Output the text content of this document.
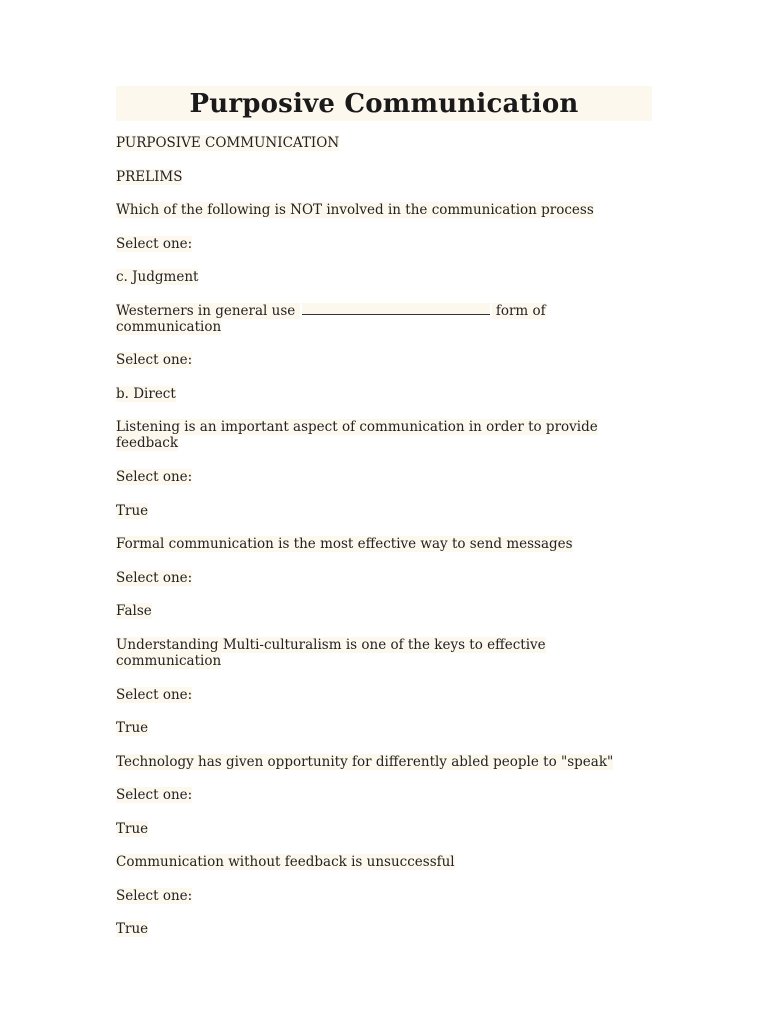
Purposive Communication

PURPOSIVE COMMUNICATION

PRELIMS

Which of the following is NOT involved in the communication process

Select one:

c. Judgment

Westerners in general use	form of communication

Select one:

b. Direct

Listening is an important aspect of communication in order to provide feedback

Select one:

True

Formal communication is the most effective way to send messages

Select one:

False

Understanding Multi-culturalism is one of the keys to effective communication

Select one:

True

Technology has given opportunity for differently abled people to "speak"

Select one:

True

Communication without feedback is unsuccessful

Select one:

True
